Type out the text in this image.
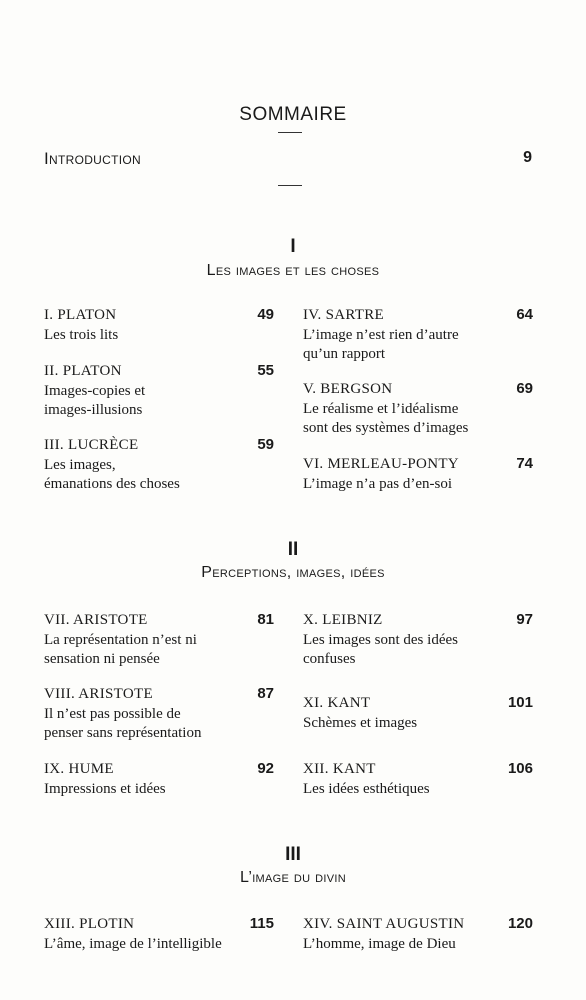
SOMMAIRE
Introduction	9
I
Les images et les choses
I. PLATON	49
Les trois lits
II. PLATON	55
Images-copies et
images-illusions
III. LUCRÈCE	59
Les images,
émanations des choses
IV. SARTRE	64
L’image n’est rien d’autre
qu’un rapport
V. BERGSON	69
Le réalisme et l’idéalisme
sont des systèmes d’images
VI. MERLEAU-PONTY	74
L’image n’a pas d’en-soi
II
Perceptions, images, idées
VII. ARISTOTE	81
La représentation n’est ni
sensation ni pensée
VIII. ARISTOTE	87
Il n’est pas possible de
penser sans représentation
IX. HUME	92
Impressions et idées
X. LEIBNIZ	97
Les images sont des idées
confuses
XI. KANT	101
Schèmes et images
XII. KANT	106
Les idées esthétiques
III
L’image du divin
XIII. PLOTIN	115
L’âme, image de l’intelligible
XIV. SAINT AUGUSTIN	120
L’homme, image de Dieu
